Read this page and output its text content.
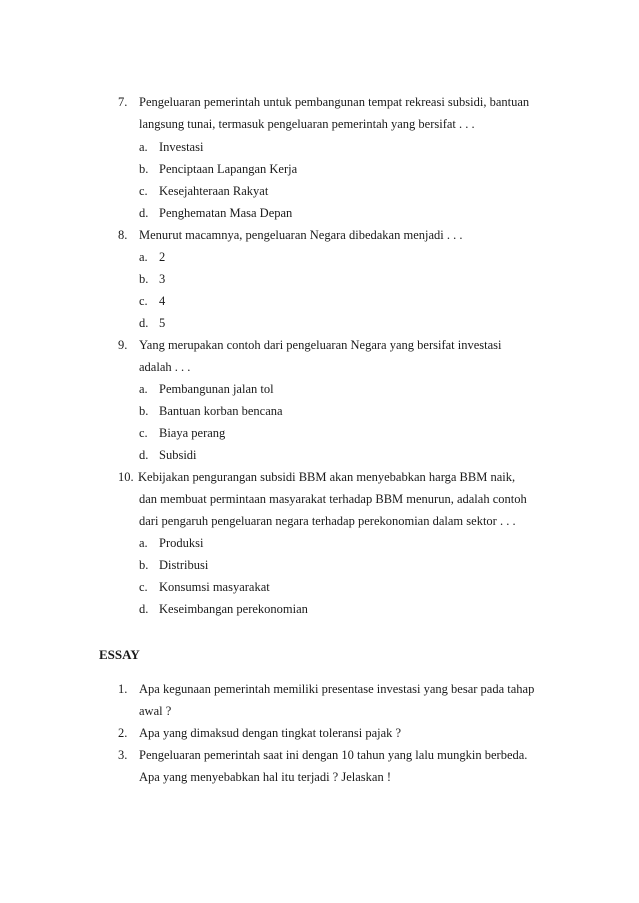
7. Pengeluaran pemerintah untuk pembangunan tempat rekreasi subsidi, bantuan
langsung tunai, termasuk pengeluaran pemerintah yang bersifat . . .
a. Investasi
b. Penciptaan Lapangan Kerja
c. Kesejahteraan Rakyat
d. Penghematan Masa Depan
8. Menurut macamnya, pengeluaran Negara dibedakan menjadi . . .
a. 2
b. 3
c. 4
d. 5
9. Yang merupakan contoh dari pengeluaran Negara yang bersifat investasi
adalah . . .
a. Pembangunan jalan tol
b. Bantuan korban bencana
c. Biaya perang
d. Subsidi
10. Kebijakan pengurangan subsidi BBM akan menyebabkan harga BBM naik,
dan membuat permintaan masyarakat terhadap BBM menurun, adalah contoh
dari pengaruh pengeluaran negara terhadap perekonomian dalam sektor . . .
a. Produksi
b. Distribusi
c. Konsumsi masyarakat
d. Keseimbangan perekonomian
ESSAY
1. Apa kegunaan pemerintah memiliki presentase investasi yang besar pada tahap
awal ?
2. Apa yang dimaksud dengan tingkat toleransi pajak ?
3. Pengeluaran pemerintah saat ini dengan 10 tahun yang lalu mungkin berbeda.
Apa yang menyebabkan hal itu terjadi ? Jelaskan !
